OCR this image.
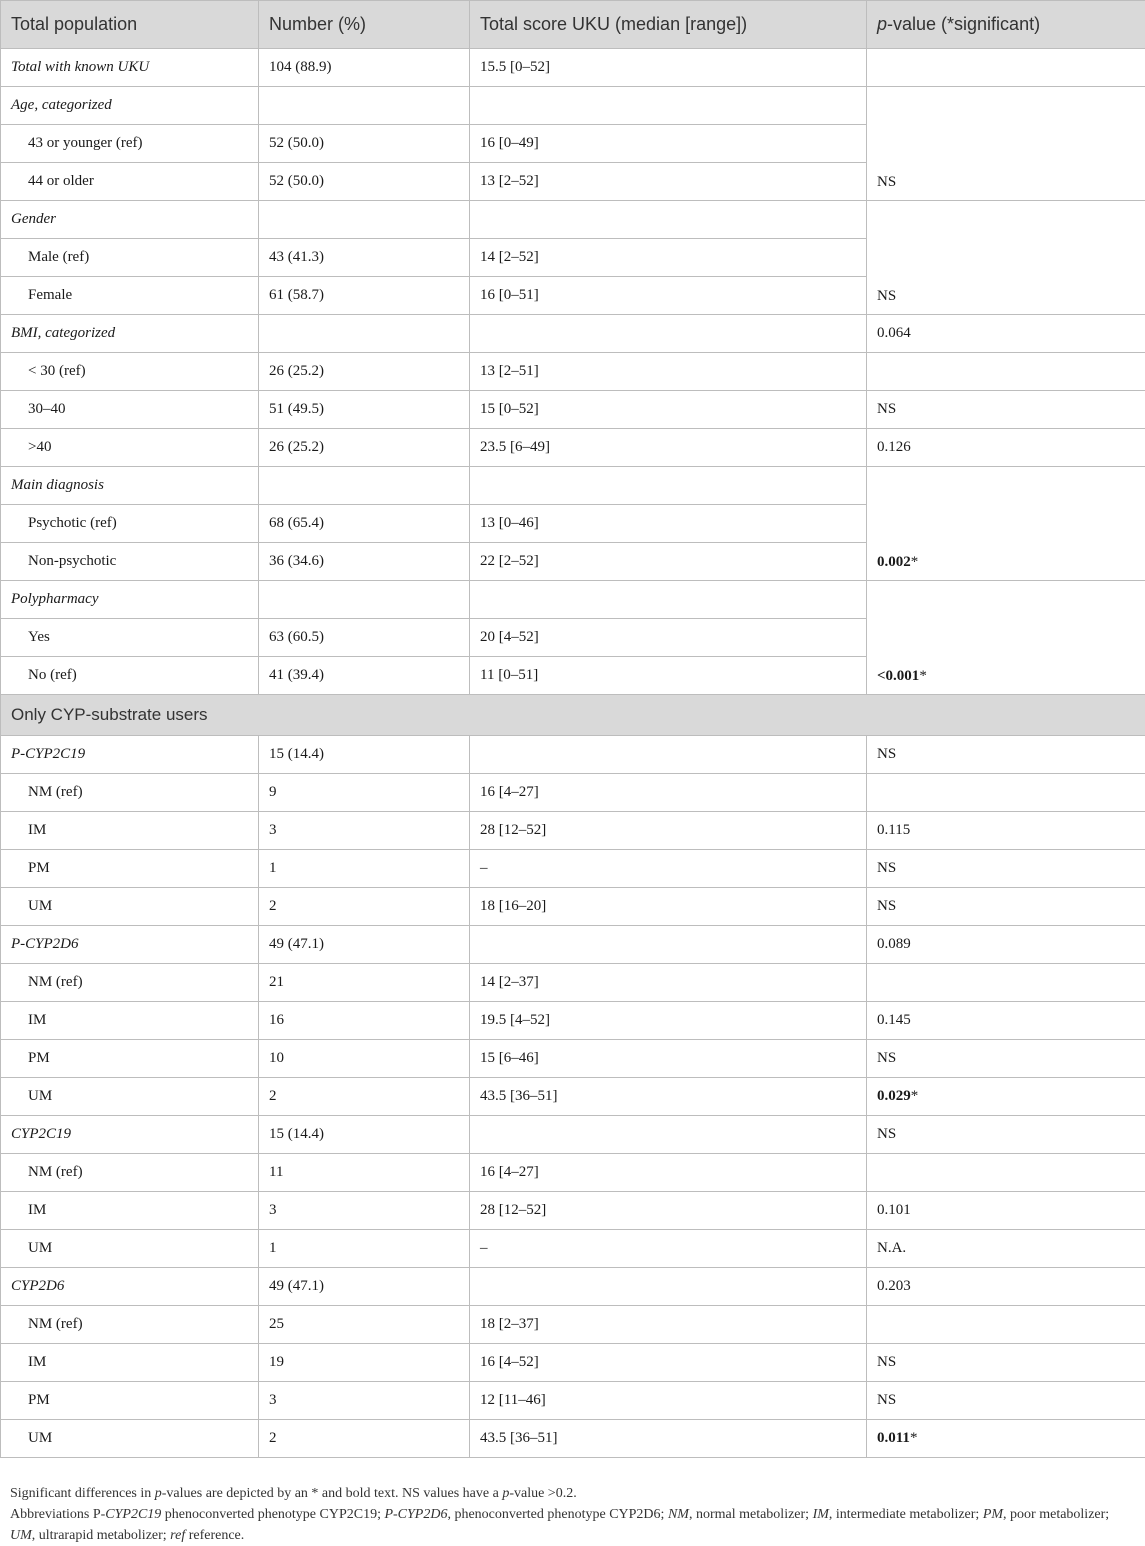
Total population	Number (%)	Total score UKU (median [range])	p-value (*significant)
Total with known UKU	104 (88.9)	15.5 [0–52]	
Age, categorized			NS
43 or younger (ref)	52 (50.0)	16 [0–49]	
44 or older	52 (50.0)	13 [2–52]	
Gender			NS
Male (ref)	43 (41.3)	14 [2–52]	
Female	61 (58.7)	16 [0–51]	
BMI, categorized			0.064
< 30 (ref)	26 (25.2)	13 [2–51]	
30–40	51 (49.5)	15 [0–52]	NS
>40	26 (25.2)	23.5 [6–49]	0.126
Main diagnosis			0.002*
Psychotic (ref)	68 (65.4)	13 [0–46]	
Non-psychotic	36 (34.6)	22 [2–52]	
Polypharmacy			<0.001*
Yes	63 (60.5)	20 [4–52]	
No (ref)	41 (39.4)	11 [0–51]	
Only CYP-substrate users			
P-CYP2C19	15 (14.4)		NS
NM (ref)	9	16 [4–27]	
IM	3	28 [12–52]	0.115
PM	1	–	NS
UM	2	18 [16–20]	NS
P-CYP2D6	49 (47.1)		0.089
NM (ref)	21	14 [2–37]	
IM	16	19.5 [4–52]	0.145
PM	10	15 [6–46]	NS
UM	2	43.5 [36–51]	0.029*
CYP2C19	15 (14.4)		NS
NM (ref)	11	16 [4–27]	
IM	3	28 [12–52]	0.101
UM	1	–	N.A.
CYP2D6	49 (47.1)		0.203
NM (ref)	25	18 [2–37]	
IM	19	16 [4–52]	NS
PM	3	12 [11–46]	NS
UM	2	43.5 [36–51]	0.011*

Significant differences in p-values are depicted by an * and bold text. NS values have a p-value >0.2.

Abbreviations P-CYP2C19 phenoconverted phenotype CYP2C19; P-CYP2D6, phenoconverted phenotype CYP2D6; NM, normal metabolizer; IM, intermediate metabolizer; PM, poor metabolizer; UM, ultrarapid metabolizer; ref reference.
